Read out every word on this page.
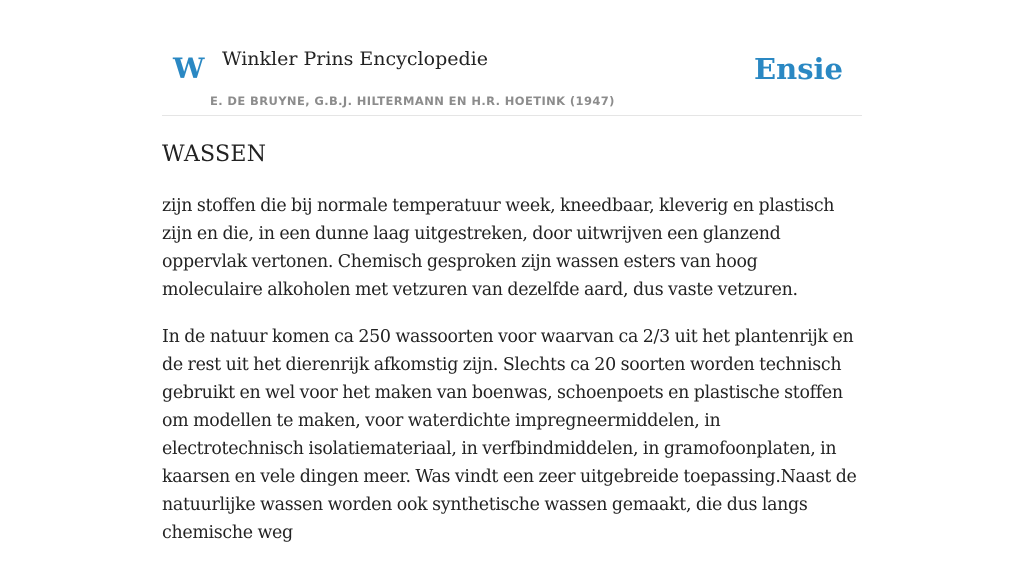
W Winkler Prins Encyclopedie
E. DE BRUYNE, G.B.J. HILTERMANN EN H.R. HOETINK (1947)
Ensie
WASSEN

zijn stoffen die bij normale temperatuur week, kneedbaar, kleverig en plastisch zijn en die, in een dunne laag uitgestreken, door uitwrijven een glanzend oppervlak vertonen. Chemisch gesproken zijn wassen esters van hoog moleculaire alkoholen met vetzuren van dezelfde aard, dus vaste vetzuren.

In de natuur komen ca 250 wassoorten voor waarvan ca 2/3 uit het plantenrijk en de rest uit het dierenrijk afkomstig zijn. Slechts ca 20 soorten worden technisch gebruikt en wel voor het maken van boenwas, schoenpoets en plastische stoffen om modellen te maken, voor waterdichte impregneermiddelen, in electrotechnisch isolatiemateriaal, in verfbindmiddelen, in gramofoonplaten, in kaarsen en vele dingen meer. Was vindt een zeer uitgebreide toepassing.Naast de natuurlijke wassen worden ook synthetische wassen gemaakt, die dus langs chemische weg
